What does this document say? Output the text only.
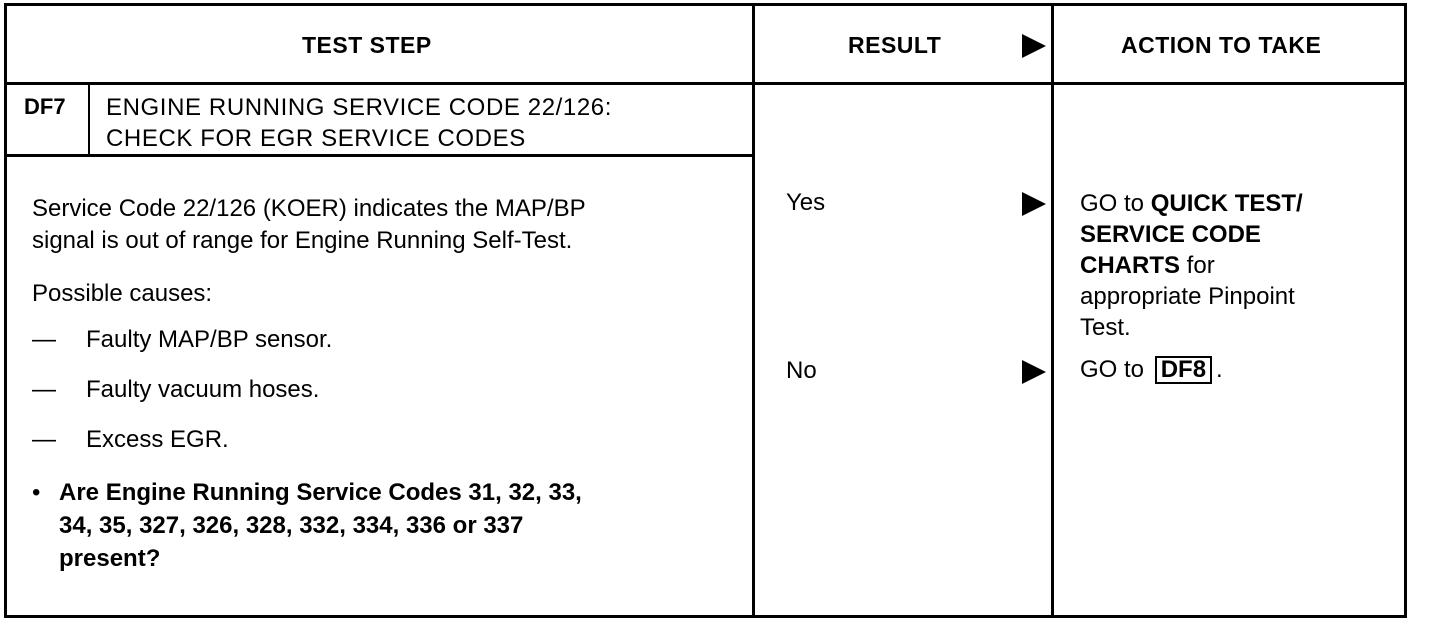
TEST STEP	RESULT	ACTION TO TAKE
DF7 ENGINE RUNNING SERVICE CODE 22/126:
CHECK FOR EGR SERVICE CODES
Service Code 22/126 (KOER) indicates the MAP/BP
signal is out of range for Engine Running Self-Test.
Possible causes:
— Faulty MAP/BP sensor.
— Faulty vacuum hoses.
— Excess EGR.
• Are Engine Running Service Codes 31, 32, 33,
34, 35, 327, 326, 328, 332, 334, 336 or 337
present?
Yes
No
GO to QUICK TEST/
SERVICE CODE
CHARTS for
appropriate Pinpoint
Test.
GO to DF8 .
